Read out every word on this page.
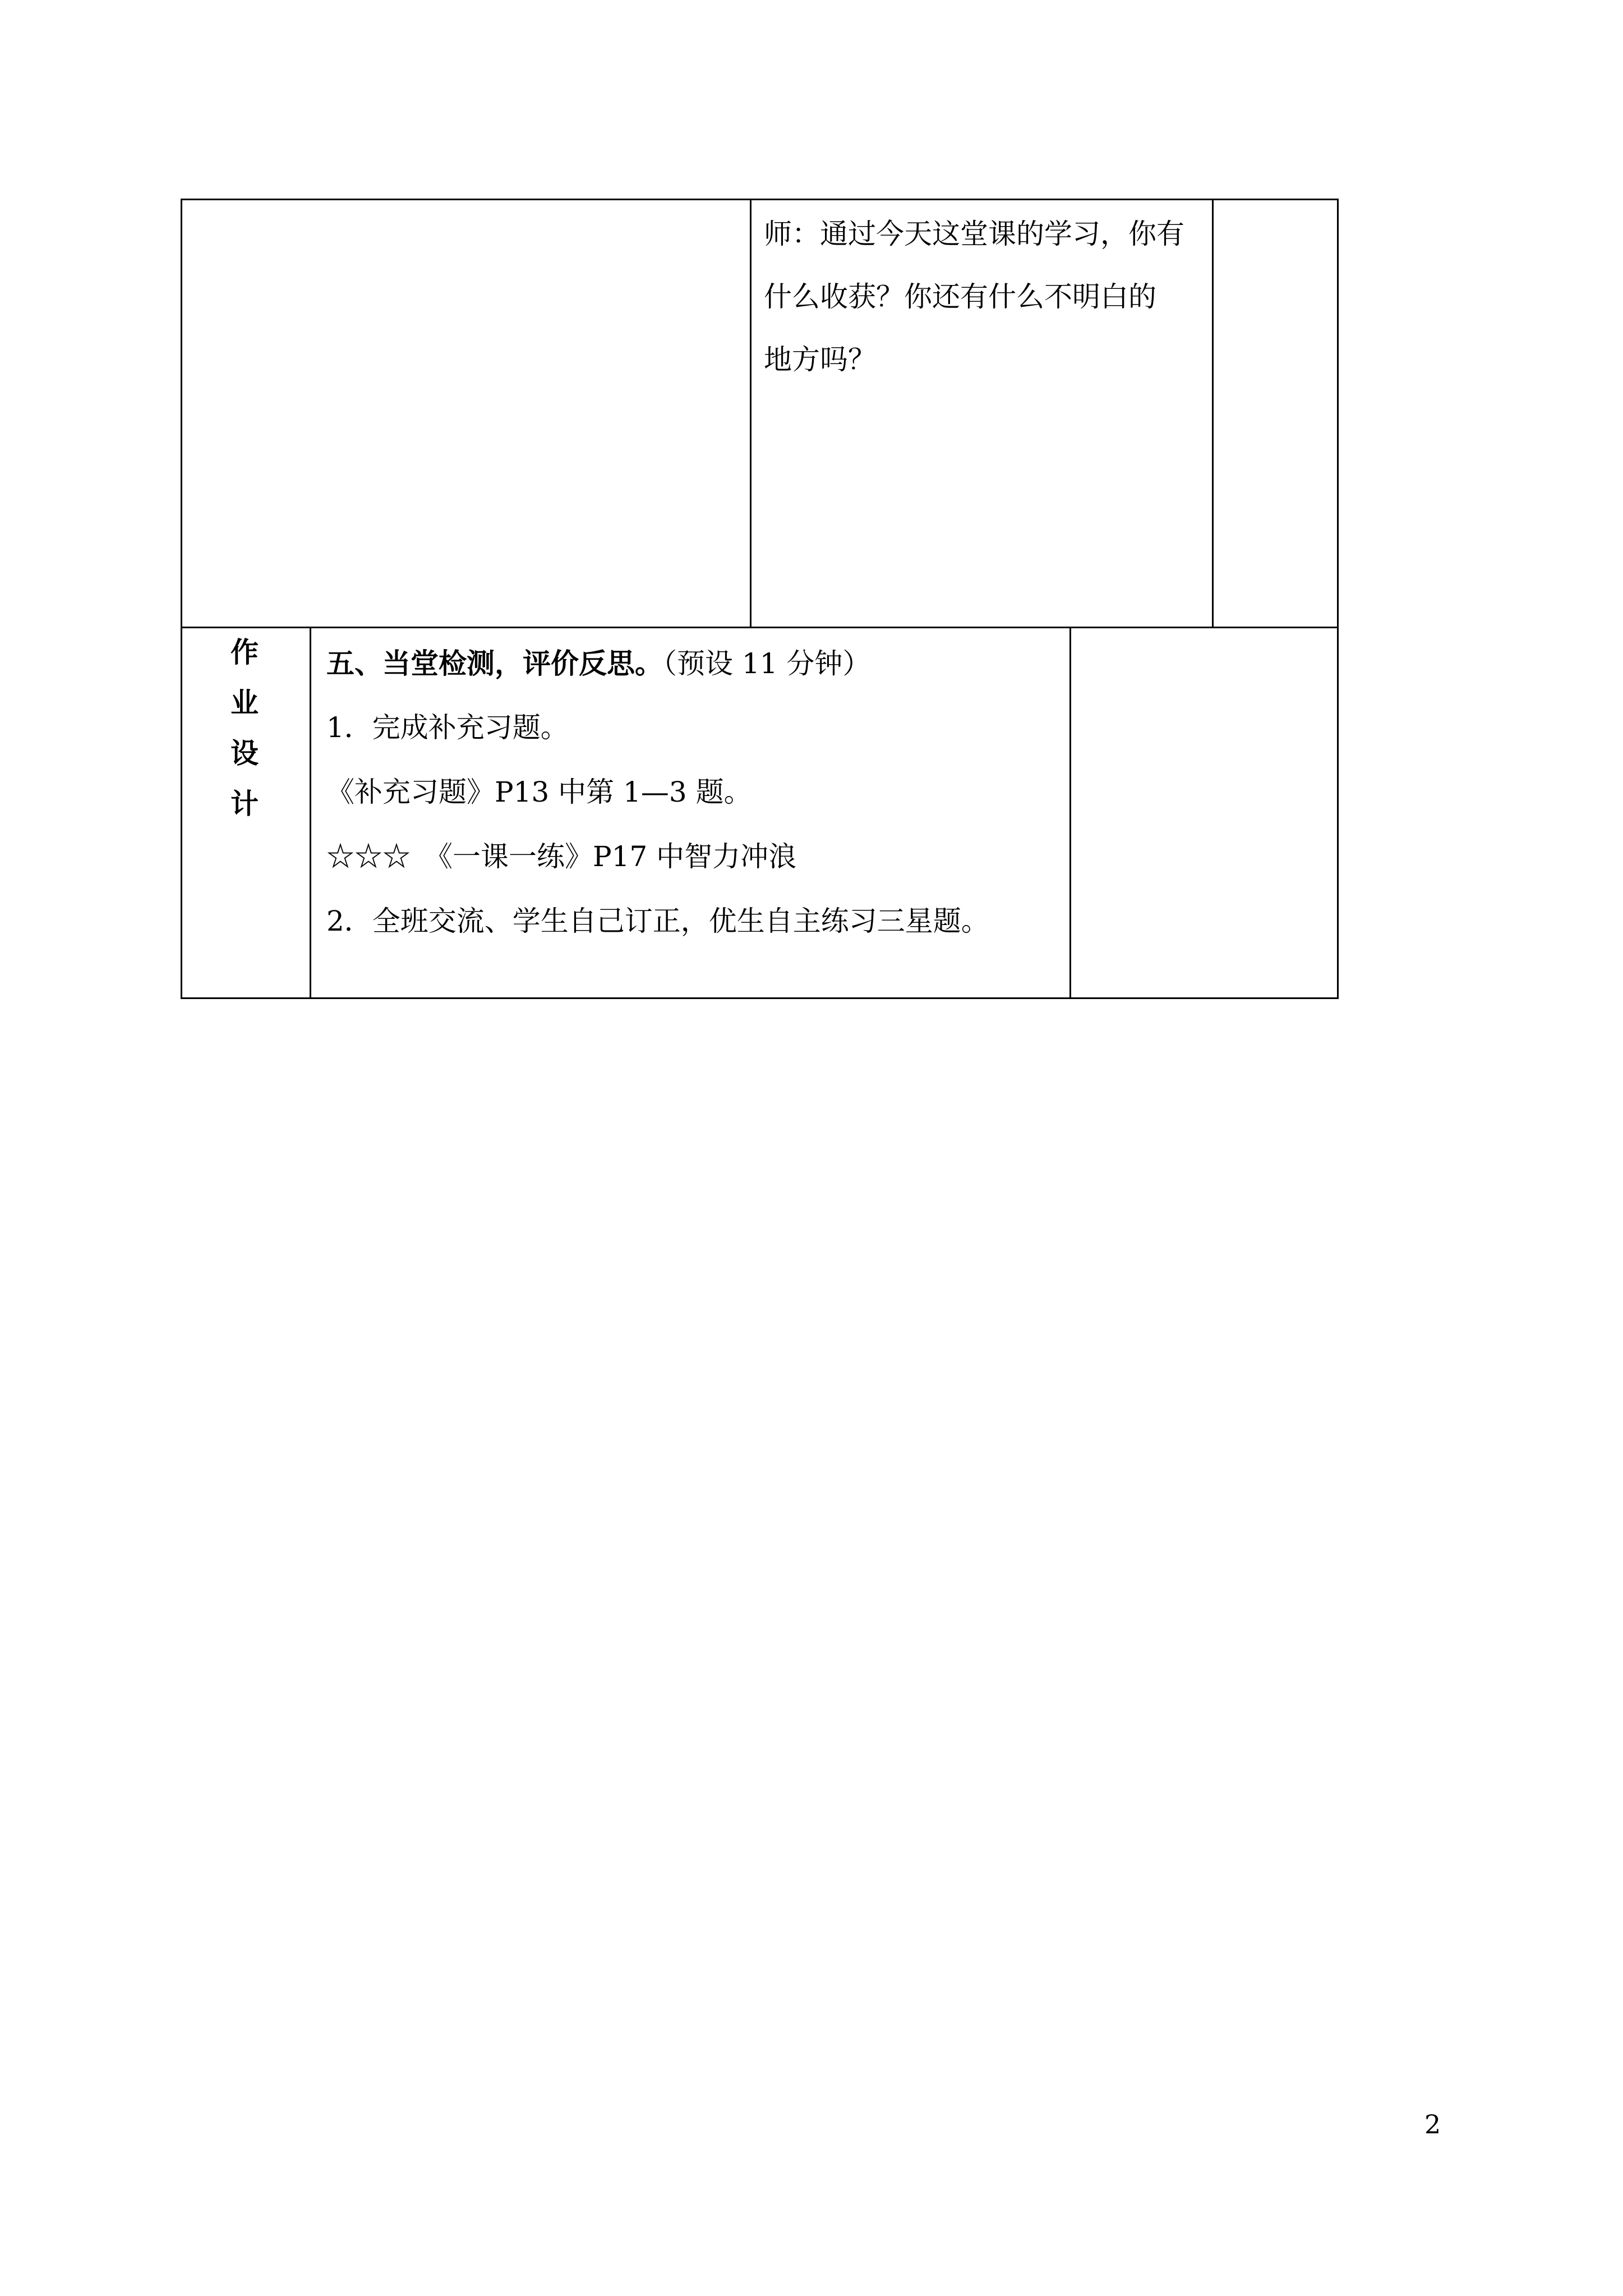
师：通过今天这堂课的学习，你有
什么收获？你还有什么不明白的
地方吗？
作
业
设
计
五、当堂检测，评价反思。（预设 11 分钟）
1．完成补充习题。
《补充习题》P13 中第 1—3 题。
☆☆☆　《一课一练》P17 中智力冲浪
2．全班交流、学生自己订正，优生自主练习三星题。
2
